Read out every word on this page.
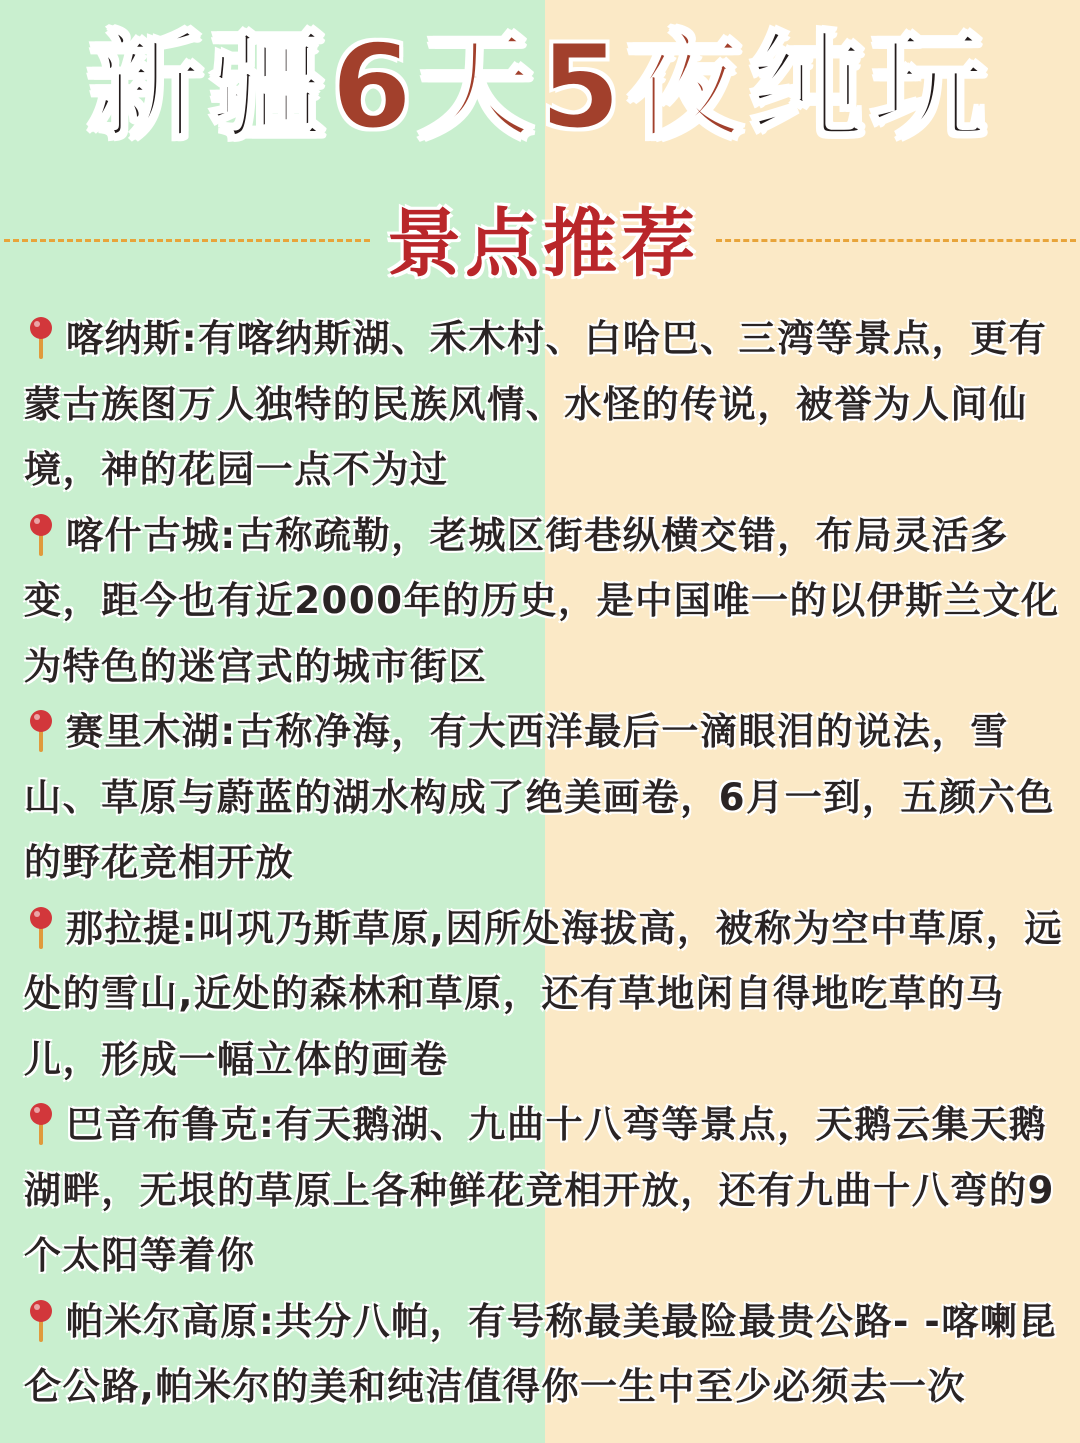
新疆 6天5夜 纯玩
景点推荐
喀纳斯:有喀纳斯湖、禾木村、白哈巴、三湾等景点，更有蒙古族图万人独特的民族风情、水怪的传说，被誉为人间仙境，神的花园一点不为过
喀什古城:古称疏勒，老城区街巷纵横交错，布局灵活多变，距今也有近2000年的历史，是中国唯一的以伊斯兰文化为特色的迷宫式的城市街区
赛里木湖:古称净海，有大西洋最后一滴眼泪的说法，雪山、草原与蔚蓝的湖水构成了绝美画卷，6月一到，五颜六色的野花竞相开放
那拉提:叫巩乃斯草原,因所处海拔高，被称为空中草原，远处的雪山,近处的森林和草原，还有草地闲自得地吃草的马儿，形成一幅立体的画卷
巴音布鲁克:有天鹅湖、九曲十八弯等景点，天鹅云集天鹅湖畔，无垠的草原上各种鲜花竞相开放，还有九曲十八弯的9个太阳等着你
帕米尔高原:共分八帕，有号称最美最险最贵公路- -喀喇昆仑公路,帕米尔的美和纯洁值得你一生中至少必须去一次
